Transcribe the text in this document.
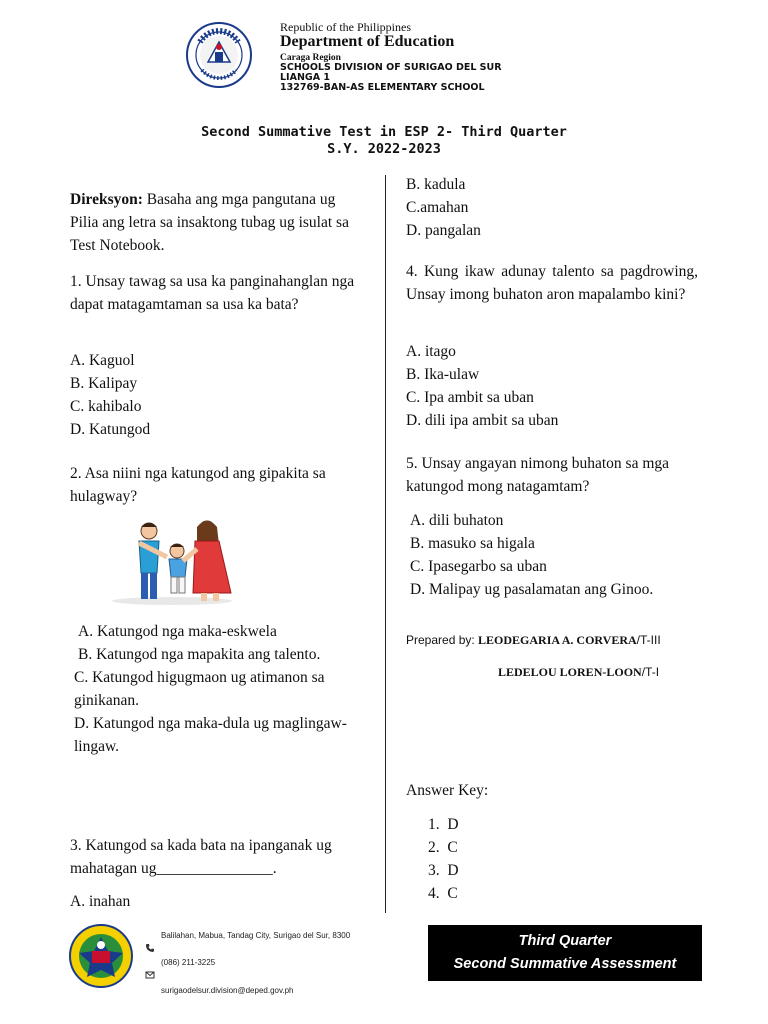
Republic of the Philippines
Department of Education
Caraga Region
SCHOOLS DIVISION OF SURIGAO DEL SUR
LIANGA 1
132769-BAN-AS ELEMENTARY SCHOOL
Second Summative Test in ESP 2- Third Quarter
S.Y. 2022-2023

Direksyon: Basaha ang mga pangutana ug Pilia ang letra sa insaktong tubag ug isulat sa Test Notebook.

1. Unsay tawag sa usa ka panginahanglan nga dapat matagamtaman sa usa ka bata?

A. Kaguol

B. Kalipay

C. kahibalo

D. Katungod

2. Asa niini nga katungod ang gipakita sa hulagway?

A. Katungod nga maka-eskwela

B. Katungod nga mapakita ang talento.

C. Katungod higugmaon ug atimanon sa ginikanan.

D. Katungod nga maka-dula ug maglingaw-lingaw.

3. Katungod sa kada bata na ipanganak ug mahatagan ug_______________.

A. inahan

B. kadula

C.amahan

D. pangalan

4. Kung ikaw adunay talento sa pagdrowing, Unsay imong buhaton aron mapalambo kini?

A. itago

B. Ika-ulaw

C. Ipa ambit sa uban

D. dili ipa ambit sa uban

5. Unsay angayan nimong buhaton sa mga katungod mong natagamtam?

A. dili buhaton

B. masuko sa higala

C. Ipasegarbo sa uban

D. Malipay ug pasalamatan ang Ginoo.

Prepared by: LEODEGARIA A. CORVERA/T-III
LEDELOU LOREN-LOON/T-I
Answer Key:

1. D

2. C

3. D

4. C

Balilahan, Mabua, Tandag City, Surigao del Sur, 8300
(086) 211-3225
surigaodelsur.division@deped.gov.ph
Third Quarter
Second Summative Assessment
